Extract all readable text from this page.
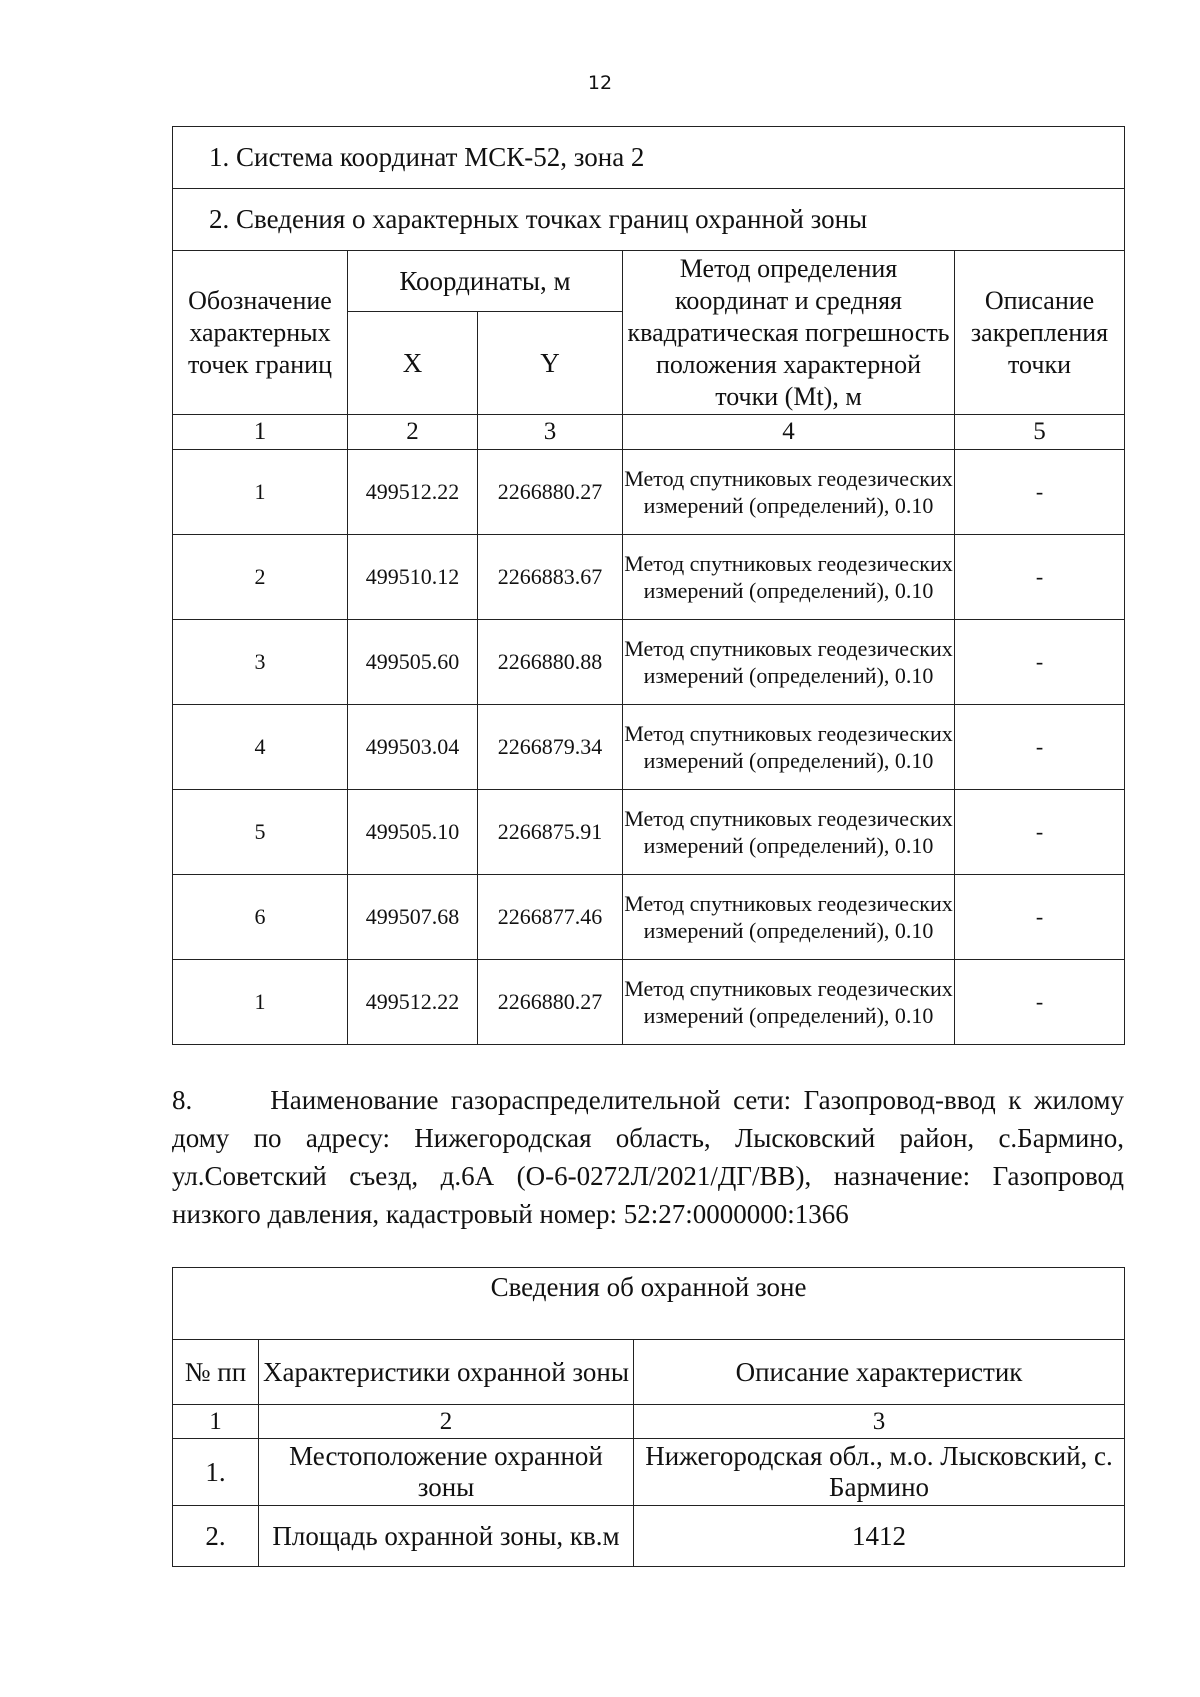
12
1. Система координат МСК-52, зона 2				
2. Сведения о характерных точках границ охранной зоны				
Обозначение характерных точек границ	Координаты, м		Метод определения координат и средняя квадратическая погрешность положения характерной точки (Mt), м	Описание закрепления точки
	X	Y		
1	2	3	4	5
1	499512.22	2266880.27	Метод спутниковых геодезических измерений (определений), 0.10	-
2	499510.12	2266883.67	Метод спутниковых геодезических измерений (определений), 0.10	-
3	499505.60	2266880.88	Метод спутниковых геодезических измерений (определений), 0.10	-
4	499503.04	2266879.34	Метод спутниковых геодезических измерений (определений), 0.10	-
5	499505.10	2266875.91	Метод спутниковых геодезических измерений (определений), 0.10	-
6	499507.68	2266877.46	Метод спутниковых геодезических измерений (определений), 0.10	-
1	499512.22	2266880.27	Метод спутниковых геодезических измерений (определений), 0.10	-
8.	Наименование газораспределительной сети: Газопровод-ввод к жилому дому по адресу: Нижегородская область, Лысковский район, с.Бармино, ул.Советский съезд, д.6А (О-6-0272Л/2021/ДГ/ВВ), назначение: Газопровод низкого давления, кадастровый номер: 52:27:0000000:1366
Сведения об охранной зоне		
№ пп	Характеристики охранной зоны	Описание характеристик
1	2	3
1.	Местоположение охранной зоны	Нижегородская обл., м.о. Лысковский, с. Бармино
2.	Площадь охранной зоны, кв.м	1412
